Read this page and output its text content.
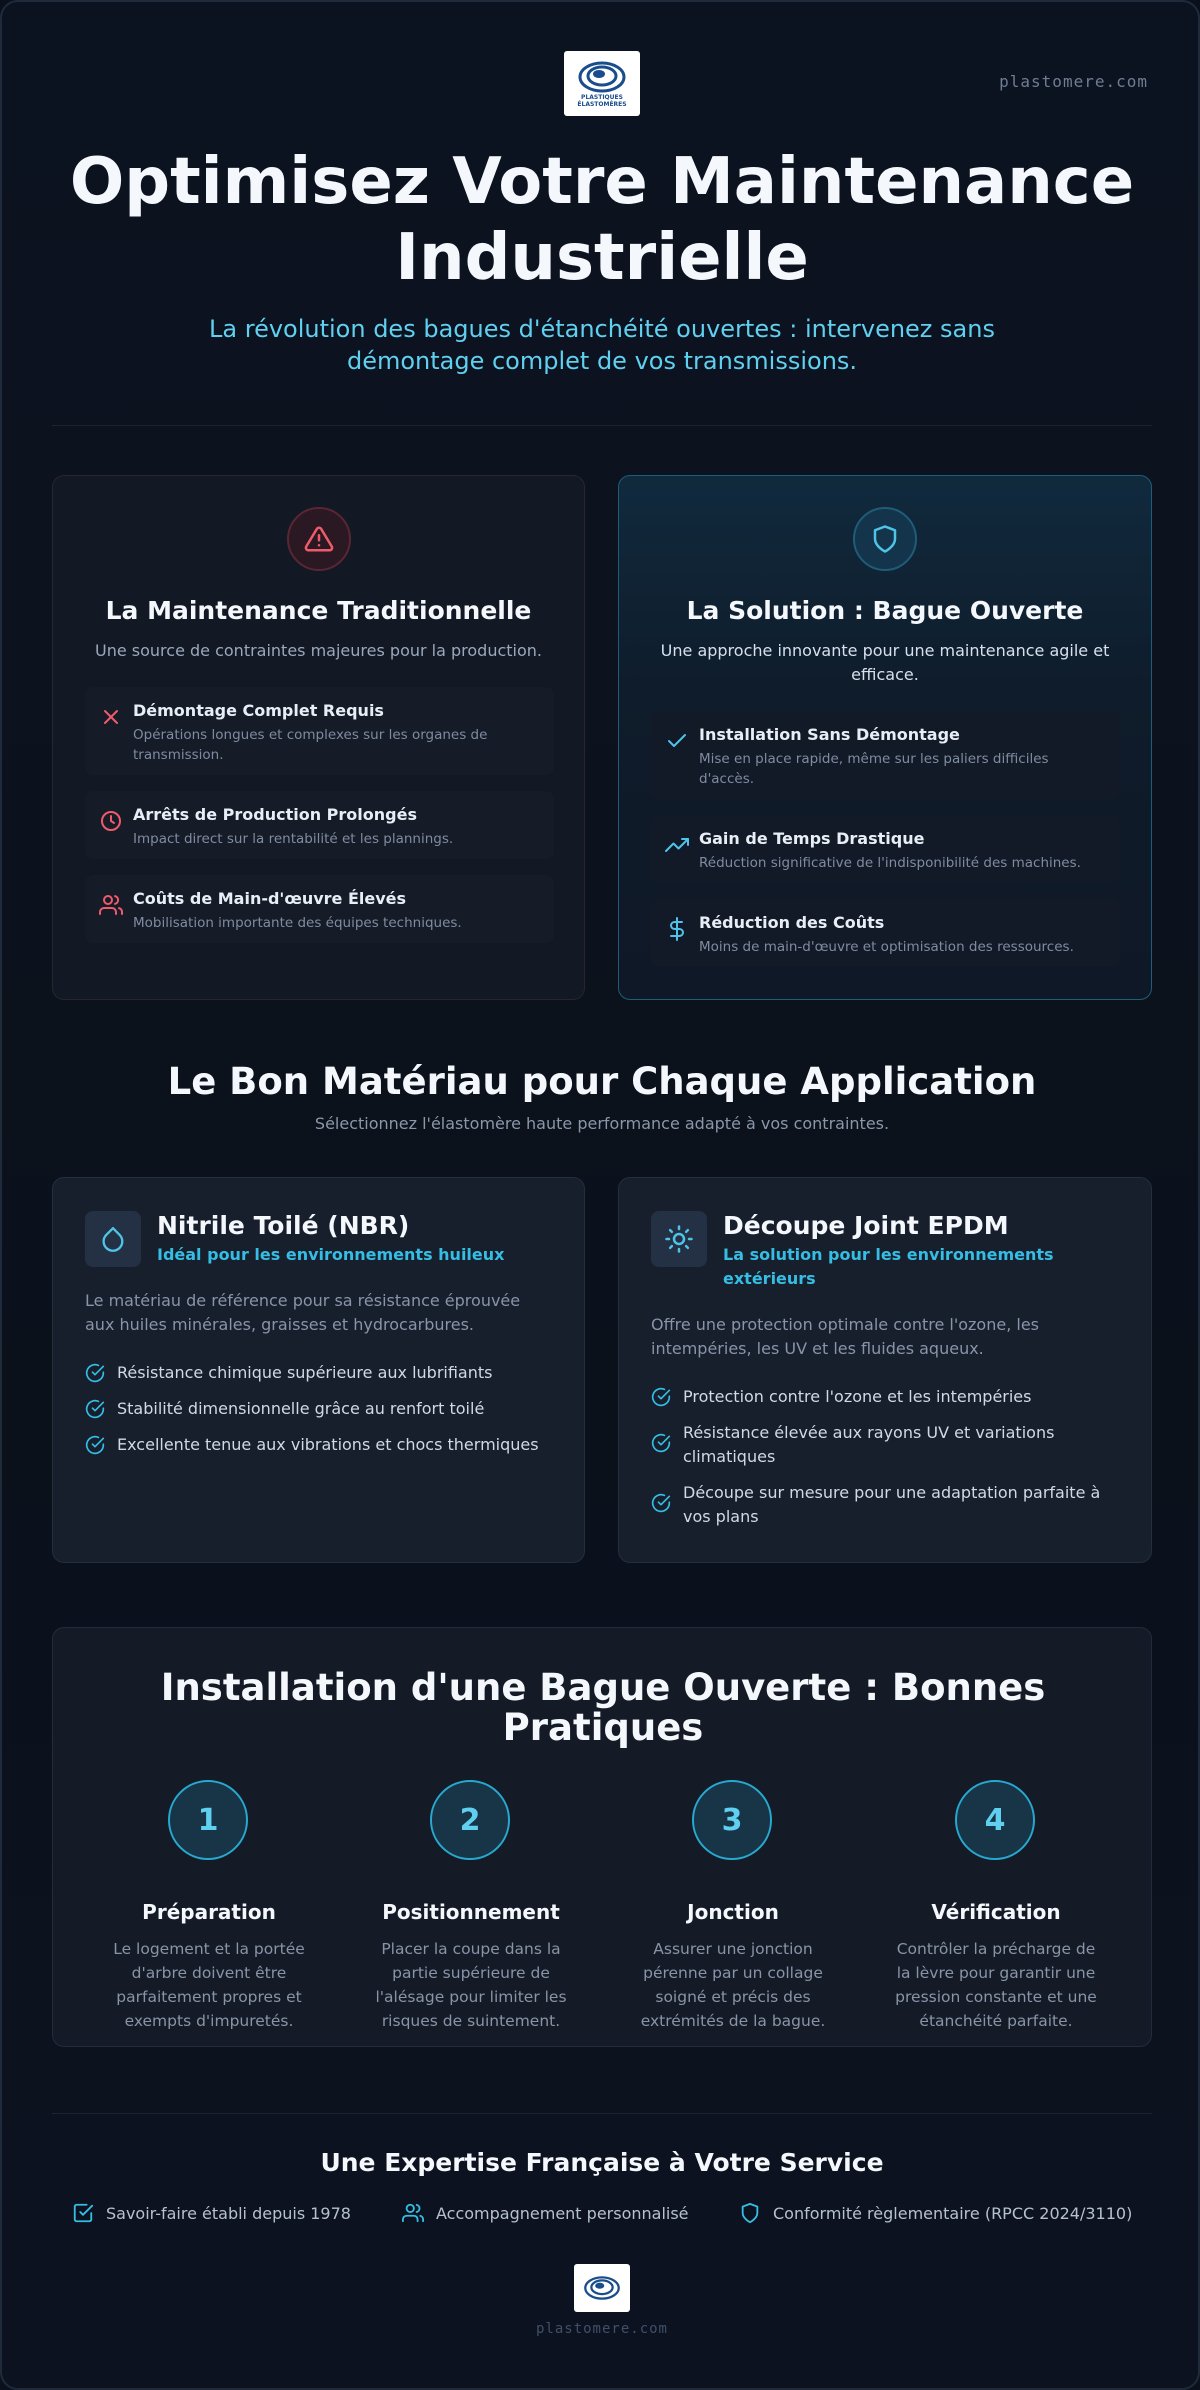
PLASTIQUES ÉLASTOMÈRES
plastomere.com
Optimisez Votre Maintenance Industrielle

La révolution des bagues d'étanchéité ouvertes : intervenez sans démontage complet de vos transmissions.

La Maintenance Traditionnelle

Une source de contraintes majeures pour la production.

Démontage Complet Requis
Opérations longues et complexes sur les organes de transmission.
Arrêts de Production Prolongés
Impact direct sur la rentabilité et les plannings.
Coûts de Main-d'œuvre Élevés
Mobilisation importante des équipes techniques.
La Solution : Bague Ouverte

Une approche innovante pour une maintenance agile et efficace.

Installation Sans Démontage
Mise en place rapide, même sur les paliers difficiles d'accès.
Gain de Temps Drastique
Réduction significative de l'indisponibilité des machines.
Réduction des Coûts
Moins de main-d'œuvre et optimisation des ressources.
Le Bon Matériau pour Chaque Application

Sélectionnez l'élastomère haute performance adapté à vos contraintes.

Nitrile Toilé (NBR)
Idéal pour les environnements huileux

Le matériau de référence pour sa résistance éprouvée aux huiles minérales, graisses et hydrocarbures.

Résistance chimique supérieure aux lubrifiants
Stabilité dimensionnelle grâce au renfort toilé
Excellente tenue aux vibrations et chocs thermiques
Découpe Joint EPDM
La solution pour les environnements extérieurs

Offre une protection optimale contre l'ozone, les intempéries, les UV et les fluides aqueux.

Protection contre l'ozone et les intempéries
Résistance élevée aux rayons UV et variations climatiques
Découpe sur mesure pour une adaptation parfaite à vos plans
Installation d'une Bague Ouverte : Bonnes Pratiques
1
Préparation
Le logement et la portée d'arbre doivent être parfaitement propres et exempts d'impuretés.
2
Positionnement
Placer la coupe dans la partie supérieure de l'alésage pour limiter les risques de suintement.
3
Jonction
Assurer une jonction pérenne par un collage soigné et précis des extrémités de la bague.
4
Vérification
Contrôler la précharge de la lèvre pour garantir une pression constante et une étanchéité parfaite.
Une Expertise Française à Votre Service
Savoir-faire établi depuis 1978	Accompagnement personnalisé	Conformité règlementaire (RPCC 2024/3110)
plastomere.com
